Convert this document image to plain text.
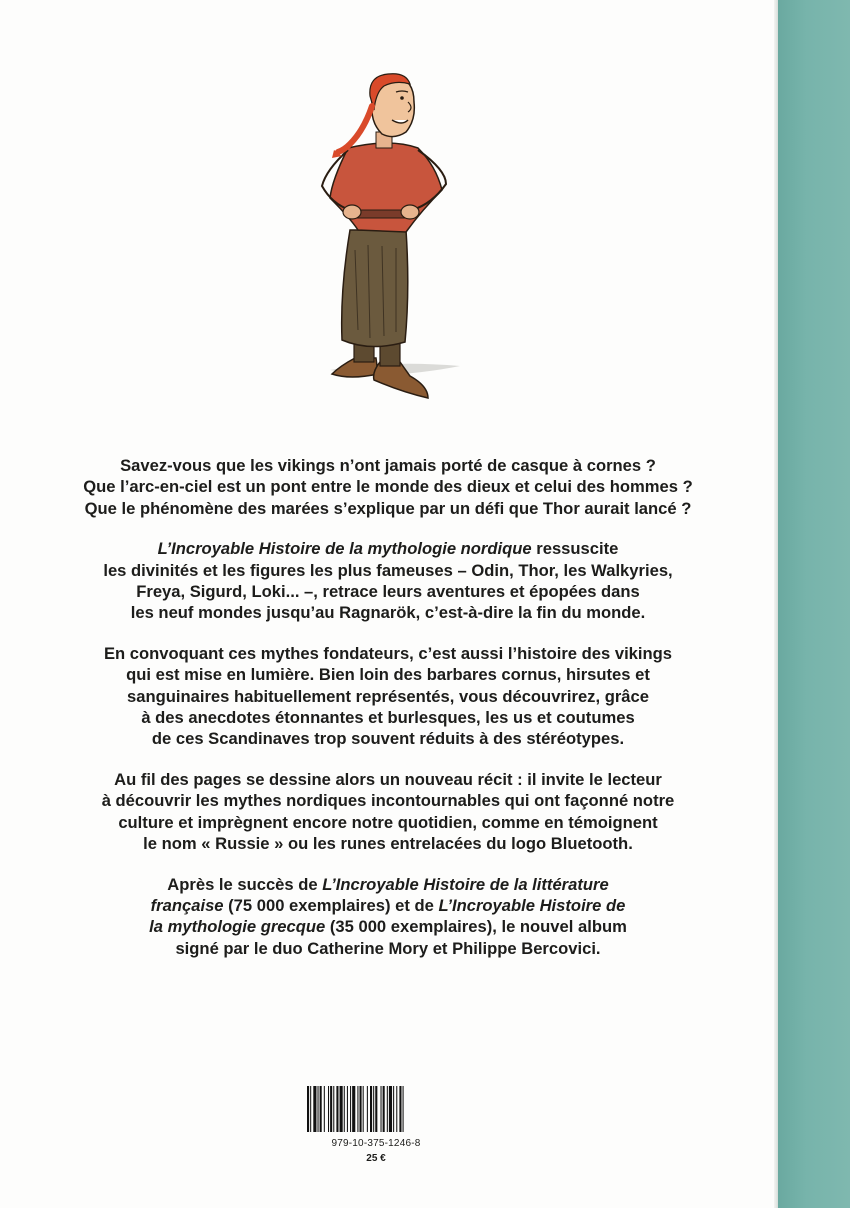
Savez-vous que les vikings n’ont jamais porté de casque à cornes ?
Que l’arc-en-ciel est un pont entre le monde des dieux et celui des hommes ?
Que le phénomène des marées s’explique par un défi que Thor aurait lancé ?

L’Incroyable Histoire de la mythologie nordique ressuscite
les divinités et les figures les plus fameuses – Odin, Thor, les Walkyries,
Freya, Sigurd, Loki... –, retrace leurs aventures et épopées dans
les neuf mondes jusqu’au Ragnarök, c’est-à-dire la fin du monde.

En convoquant ces mythes fondateurs, c’est aussi l’histoire des vikings
qui est mise en lumière. Bien loin des barbares cornus, hirsutes et
sanguinaires habituellement représentés, vous découvrirez, grâce
à des anecdotes étonnantes et burlesques, les us et coutumes
de ces Scandinaves trop souvent réduits à des stéréotypes.

Au fil des pages se dessine alors un nouveau récit : il invite le lecteur
à découvrir les mythes nordiques incontournables qui ont façonné notre
culture et imprègnent encore notre quotidien, comme en témoignent
le nom « Russie » ou les runes entrelacées du logo Bluetooth.

Après le succès de L’Incroyable Histoire de la littérature
française (75 000 exemplaires) et de L’Incroyable Histoire de
la mythologie grecque (35 000 exemplaires), le nouvel album
signé par le duo Catherine Mory et Philippe Bercovici.

979-10-375-1246-8
25 €
